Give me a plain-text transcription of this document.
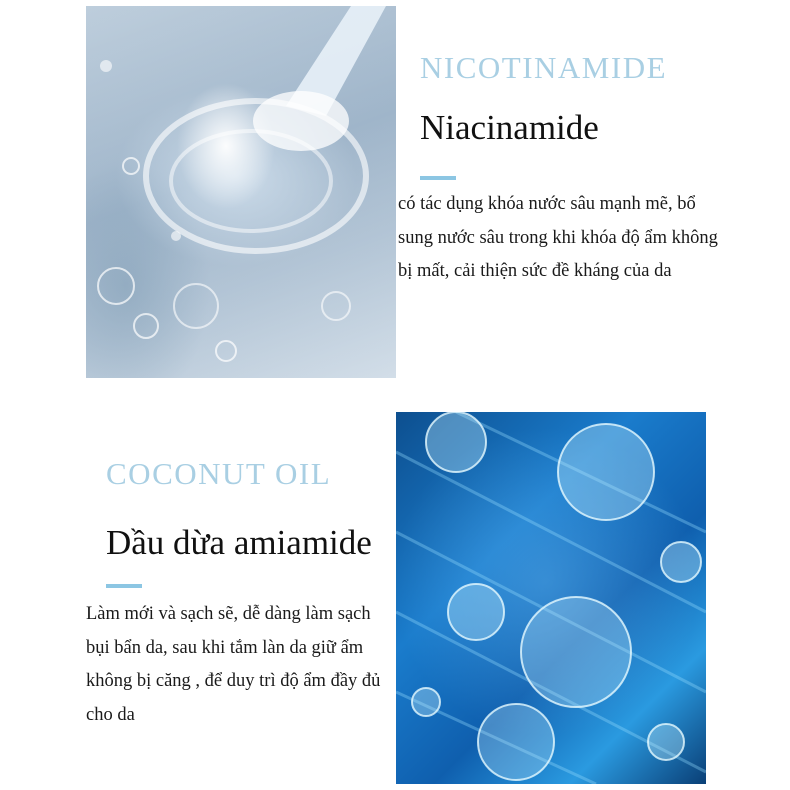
NICOTINAMIDE
Niacinamide
có tác dụng khóa nước sâu mạnh mẽ, bổ sung nước sâu trong khi khóa độ ẩm không bị mất, cải thiện sức đề kháng của da
COCONUT OIL
Dầu dừa amiamide
Làm mới và sạch sẽ, dễ dàng làm sạch bụi bẩn da, sau khi tắm làn da giữ ẩm không bị căng , để duy trì độ ẩm đầy đủ cho da
